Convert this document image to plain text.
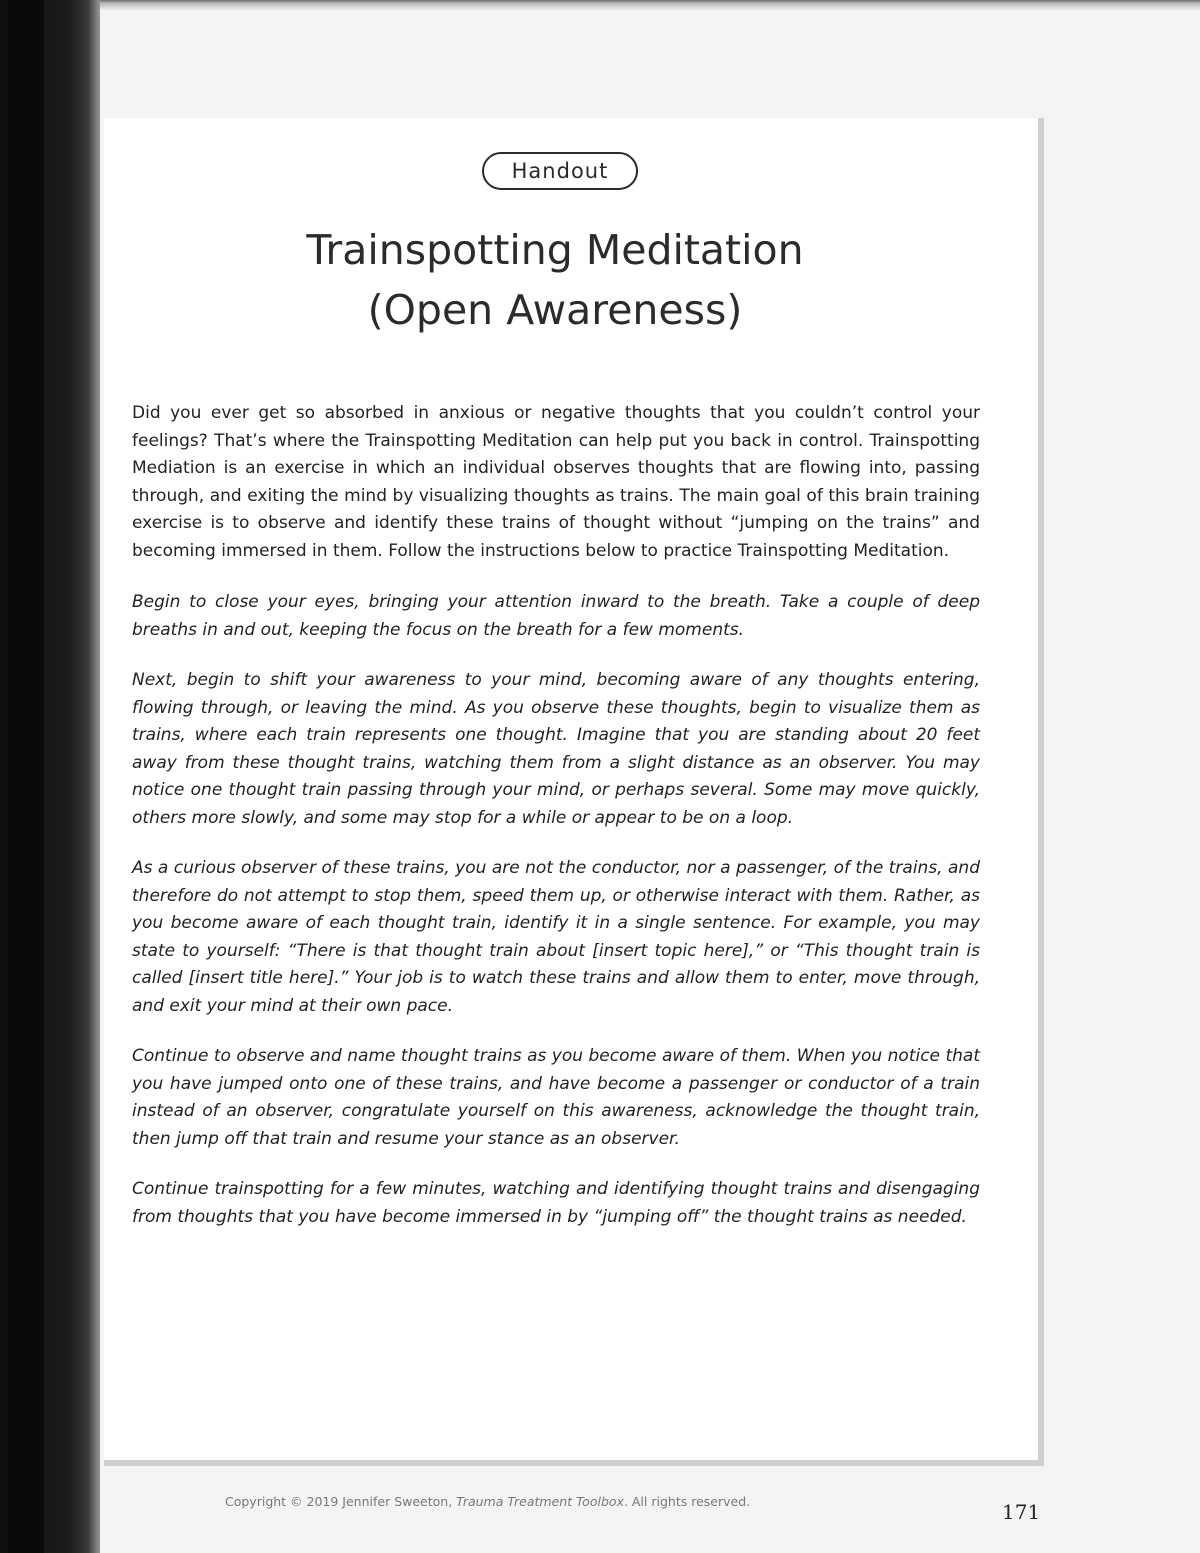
Handout
Trainspotting Meditation
(Open Awareness)

Did you ever get so absorbed in anxious or negative thoughts that you couldn’t control your feelings? That’s where the Trainspotting Meditation can help put you back in control. Trainspotting Mediation is an exercise in which an individual observes thoughts that are flowing into, passing through, and exiting the mind by visualizing thoughts as trains. The main goal of this brain training exercise is to observe and identify these trains of thought without “jumping on the trains” and becoming immersed in them. Follow the instructions below to practice Trainspotting Meditation.

Begin to close your eyes, bringing your attention inward to the breath. Take a couple of deep breaths in and out, keeping the focus on the breath for a few moments.

Next, begin to shift your awareness to your mind, becoming aware of any thoughts entering, flowing through, or leaving the mind. As you observe these thoughts, begin to visualize them as trains, where each train represents one thought. Imagine that you are standing about 20 feet away from these thought trains, watching them from a slight distance as an observer. You may notice one thought train passing through your mind, or perhaps several. Some may move quickly, others more slowly, and some may stop for a while or appear to be on a loop.

As a curious observer of these trains, you are not the conductor, nor a passenger, of the trains, and therefore do not attempt to stop them, speed them up, or otherwise interact with them. Rather, as you become aware of each thought train, identify it in a single sentence. For example, you may state to yourself: “There is that thought train about [insert topic here],” or “This thought train is called [insert title here].” Your job is to watch these trains and allow them to enter, move through, and exit your mind at their own pace.

Continue to observe and name thought trains as you become aware of them. When you notice that you have jumped onto one of these trains, and have become a passenger or conductor of a train instead of an observer, congratulate yourself on this awareness, acknowledge the thought train, then jump off that train and resume your stance as an observer.

Continue trainspotting for a few minutes, watching and identifying thought trains and disengaging from thoughts that you have become immersed in by “jumping off” the thought trains as needed.

Copyright © 2019 Jennifer Sweeton, Trauma Treatment Toolbox. All rights reserved.	171
